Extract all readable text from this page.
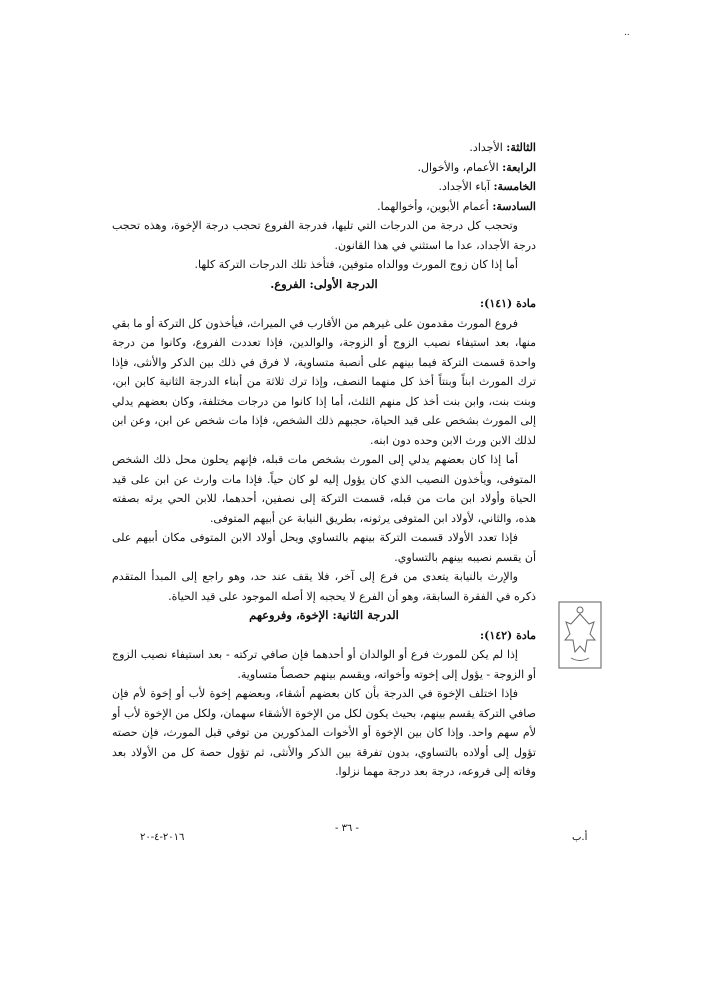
..

الثالثة: الأجداد.

الرابعة: الأعمام، والأخوال.

الخامسة: آباء الأجداد.

السادسة: أعمام الأبوين، وأخوالهما.

وتحجب كل درجة من الدرجات التي تليها، فدرجة الفروع تحجب درجة الإخوة، وهذه تحجب درجة الأجداد، عدا ما استثني في هذا القانون.

أما إذا كان زوج المورث ووالداه متوفين، فتأخذ تلك الدرجات التركة كلها.

الدرجة الأولى: الفروع.

مادة (١٤١):

فروع المورث مقدمون على غيرهم من الأقارب في الميراث، فيأخذون كل التركة أو ما بقي منها، بعد استيفاء نصيب الزوج أو الزوجة، والوالدين، فإذا تعددت الفروع، وكانوا من درجة واحدة قسمت التركة فيما بينهم على أنصبة متساوية، لا فرق في ذلك بين الذكر والأنثى، فإذا ترك المورث ابناً وبنتاً أخذ كل منهما النصف، وإذا ترك ثلاثة من أبناء الدرجة الثانية كابن ابن، وبنت بنت، وابن بنت أخذ كل منهم الثلث، أما إذا كانوا من درجات مختلفة، وكان بعضهم يدلي إلى المورث بشخص على قيد الحياة، حجبهم ذلك الشخص، فإذا مات شخص عن ابن، وعن ابن لذلك الابن ورث الابن وحده دون ابنه.

أما إذا كان بعضهم يدلي إلى المورث بشخص مات قبله، فإنهم يحلون محل ذلك الشخص المتوفى، ويأخذون النصيب الذي كان يؤول إليه لو كان حياً. فإذا مات وارث عن ابن على قيد الحياة وأولاد ابن مات من قبله، قسمت التركة إلى نصفين، أحدهما، للابن الحي يرثه بصفته هذه، والثاني، لأولاد ابن المتوفى يرثونه، بطريق النيابة عن أبيهم المتوفى.

فإذا تعدد الأولاد قسمت التركة بينهم بالتساوي ويحل أولاد الابن المتوفى مكان أبيهم على أن يقسم نصيبه بينهم بالتساوي.

والإرث بالنيابة يتعدى من فرع إلى آخر، فلا يقف عند حد، وهو راجع إلى المبدأ المتقدم ذكره في الفقرة السابقة، وهو أن الفرع لا يحجبه إلا أصله الموجود على قيد الحياة.

الدرجة الثانية: الإخوة، وفروعهم

مادة (١٤٢):

إذا لم يكن للمورث فرع أو الوالدان أو أحدهما فإن صافي تركته - بعد استيفاء نصيب الزوج أو الزوجة - يؤول إلى إخوته وأخواته، ويقسم بينهم حصصاً متساوية.

فإذا اختلف الإخوة في الدرجة بأن كان بعضهم أشقاء، وبعضهم إخوة لأب أو إخوة لأم فإن صافي التركة يقسم بينهم، بحيث يكون لكل من الإخوة الأشقاء سهمان، ولكل من الإخوة لأب أو لأم سهم واحد. وإذا كان بين الإخوة أو الأخوات المذكورين من توفي قبل المورث، فإن حصته تؤول إلى أولاده بالتساوي، بدون تفرقة بين الذكر والأنثى، ثم تؤول حصة كل من الأولاد بعد وفاته إلى فروعه، درجة بعد درجة مهما نزلوا.

- ٣٦ -
٢٠١٦-٤-٢٠	أ.ب
